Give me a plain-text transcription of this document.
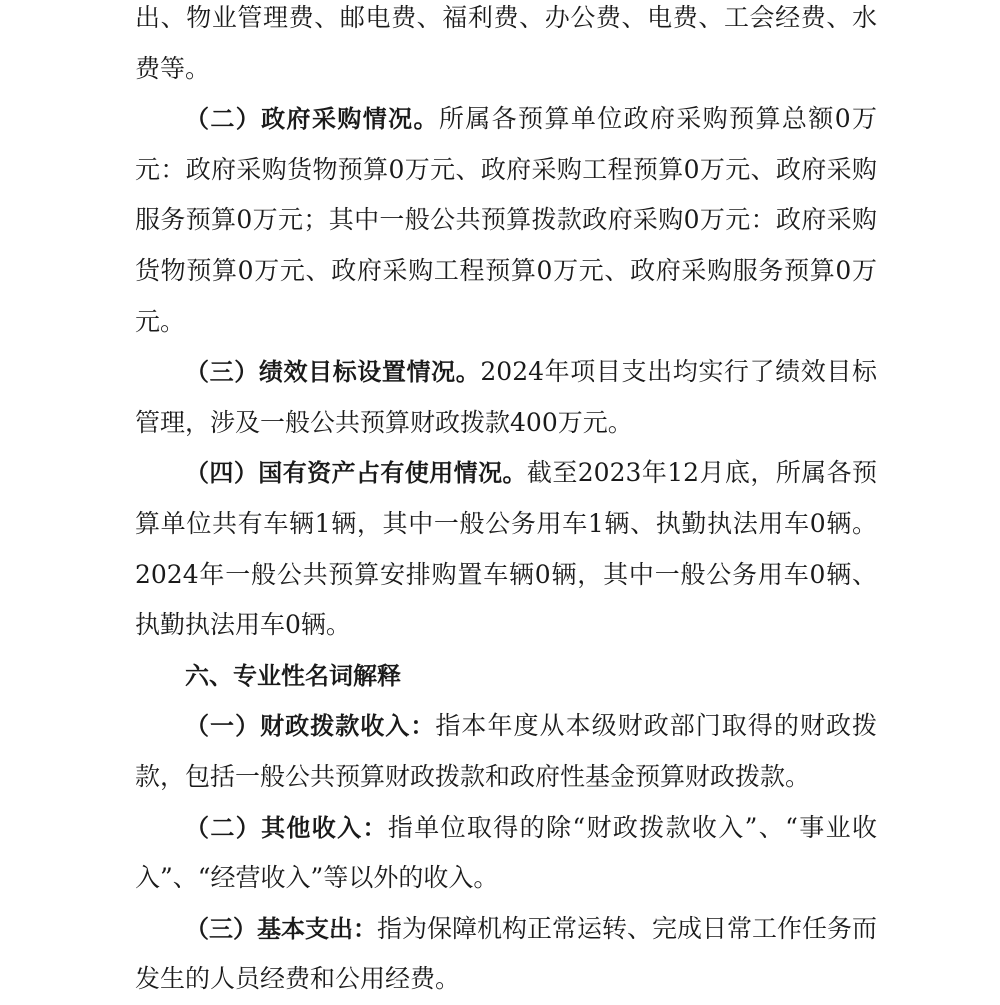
出、物业管理费、邮电费、福利费、办公费、电费、工会经费、水费等。

（二）政府采购情况。所属各预算单位政府采购预算总额0万元：政府采购货物预算0万元、政府采购工程预算0万元、政府采购服务预算0万元；其中一般公共预算拨款政府采购0万元：政府采购货物预算0万元、政府采购工程预算0万元、政府采购服务预算0万元。

（三）绩效目标设置情况。2024年项目支出均实行了绩效目标管理，涉及一般公共预算财政拨款400万元。

（四）国有资产占有使用情况。截至2023年12月底，所属各预算单位共有车辆1辆，其中一般公务用车1辆、执勤执法用车0辆。2024年一般公共预算安排购置车辆0辆，其中一般公务用车0辆、执勤执法用车0辆。

六、专业性名词解释

（一）财政拨款收入：指本年度从本级财政部门取得的财政拨款，包括一般公共预算财政拨款和政府性基金预算财政拨款。

（二）其他收入：指单位取得的除“财政拨款收入”、“事业收入”、“经营收入”等以外的收入。

（三）基本支出：指为保障机构正常运转、完成日常工作任务而发生的人员经费和公用经费。
